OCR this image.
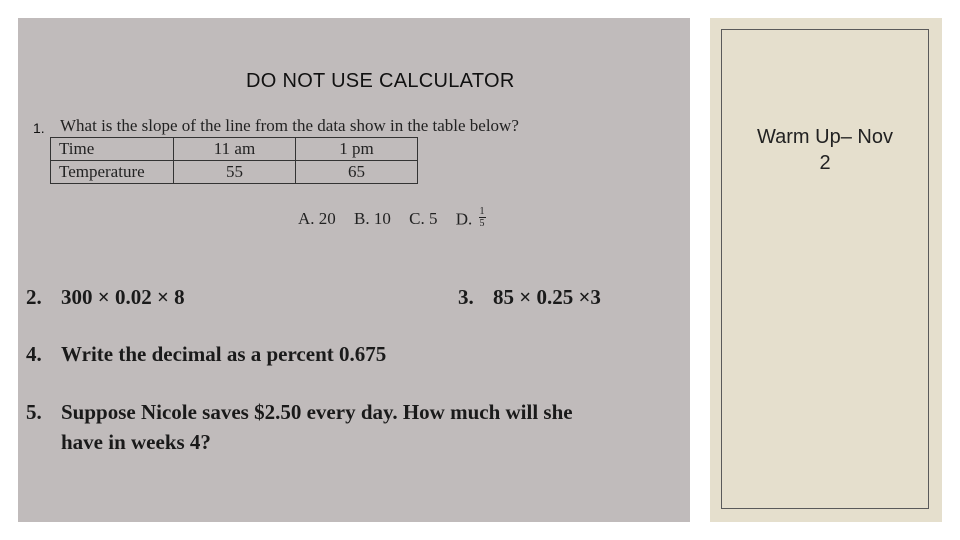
DO NOT USE CALCULATOR
1. What is the slope of the line from the data show in the table below?
Time	11 am	1 pm
Temperature	55	65
A. 20 B. 10 C. 5 D. $\frac{1}{5}$
2. 300 × 0.02 × 8	3. 85 × 0.25 ×3
4. Write the decimal as a percent 0.675
5. Suppose Nicole saves $2.50 every day. How much will she
have in weeks 4?
Warm Up– Nov
2
